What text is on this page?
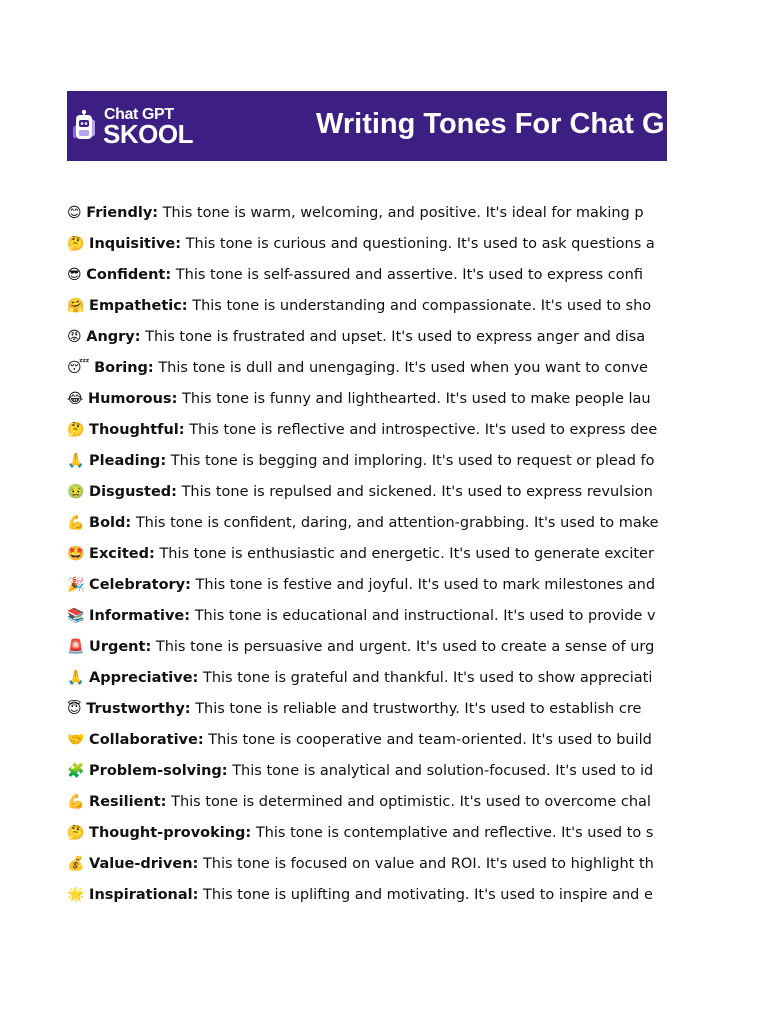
Chat GPT
SKOOL	Writing Tones For Chat G
😊 Friendly: This tone is warm, welcoming, and positive. It's ideal for making p
🤔 Inquisitive: This tone is curious and questioning. It's used to ask questions a
😎 Confident: This tone is self-assured and assertive. It's used to express confi
🤗 Empathetic: This tone is understanding and compassionate. It's used to sho
😡 Angry: This tone is frustrated and upset. It's used to express anger and disa
😴 Boring: This tone is dull and unengaging. It's used when you want to conve
😂 Humorous: This tone is funny and lighthearted. It's used to make people lau
🤔 Thoughtful: This tone is reflective and introspective. It's used to express dee
🙏 Pleading: This tone is begging and imploring. It's used to request or plead fo
🤢 Disgusted: This tone is repulsed and sickened. It's used to express revulsion
💪 Bold: This tone is confident, daring, and attention-grabbing. It's used to make
🤩 Excited: This tone is enthusiastic and energetic. It's used to generate exciter
🎉 Celebratory: This tone is festive and joyful. It's used to mark milestones and
📚 Informative: This tone is educational and instructional. It's used to provide v
🚨 Urgent: This tone is persuasive and urgent. It's used to create a sense of urg
🙏 Appreciative: This tone is grateful and thankful. It's used to show appreciati
😇 Trustworthy: This tone is reliable and trustworthy. It's used to establish cre
🤝 Collaborative: This tone is cooperative and team-oriented. It's used to build
🧩 Problem-solving: This tone is analytical and solution-focused. It's used to id
💪 Resilient: This tone is determined and optimistic. It's used to overcome chal
🤔 Thought-provoking: This tone is contemplative and reflective. It's used to s
💰 Value-driven: This tone is focused on value and ROI. It's used to highlight th
🌟 Inspirational: This tone is uplifting and motivating. It's used to inspire and e
